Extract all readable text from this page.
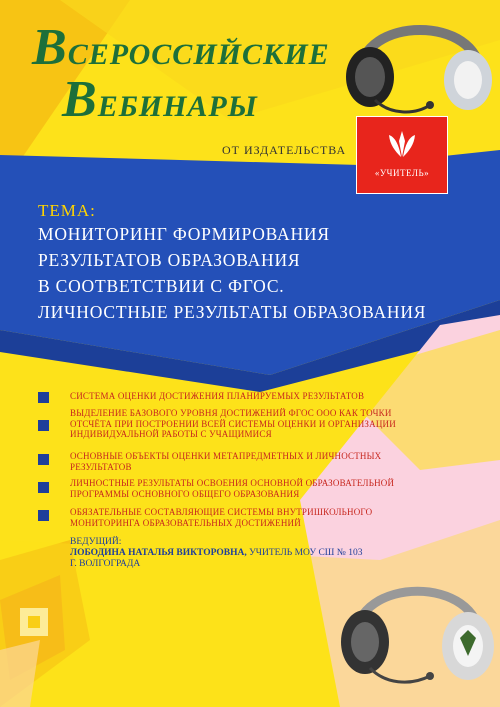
ВСЕРОССИЙСКИЕ
ВЕБИНАРЫ
ОТ ИЗДАТЕЛЬСТВА
«УЧИТЕЛЬ»
ТЕМА:
МОНИТОРИНГ ФОРМИРОВАНИЯ
РЕЗУЛЬТАТОВ ОБРАЗОВАНИЯ
В СООТВЕТСТВИИ С ФГОС.
ЛИЧНОСТНЫЕ РЕЗУЛЬТАТЫ ОБРАЗОВАНИЯ
СИСТЕМА ОЦЕНКИ ДОСТИЖЕНИЯ ПЛАНИРУЕМЫХ РЕЗУЛЬТАТОВ
ВЫДЕЛЕНИЕ БАЗОВОГО УРОВНЯ ДОСТИЖЕНИЙ ФГОС ООО КАК ТОЧКИ ОТСЧЁТА ПРИ ПОСТРОЕНИИ ВСЕЙ СИСТЕМЫ ОЦЕНКИ И ОРГАНИЗАЦИИ ИНДИВИДУАЛЬНОЙ РАБОТЫ С УЧАЩИМИСЯ
ОСНОВНЫЕ ОБЪЕКТЫ ОЦЕНКИ МЕТАПРЕДМЕТНЫХ И ЛИЧНОСТНЫХ РЕЗУЛЬТАТОВ
ЛИЧНОСТНЫЕ РЕЗУЛЬТАТЫ ОСВОЕНИЯ ОСНОВНОЙ ОБРАЗОВАТЕЛЬНОЙ ПРОГРАММЫ ОСНОВНОГО ОБЩЕГО ОБРАЗОВАНИЯ
ОБЯЗАТЕЛЬНЫЕ СОСТАВЛЯЮЩИЕ СИСТЕМЫ ВНУТРИШКОЛЬНОГО МОНИТОРИНГА ОБРАЗОВАТЕЛЬНЫХ ДОСТИЖЕНИЙ
ВЕДУЩИЙ:
ЛОБОДИНА НАТАЛЬЯ ВИКТОРОВНА, УЧИТЕЛЬ МОУ СШ № 103
Г. ВОЛГОГРАДА
